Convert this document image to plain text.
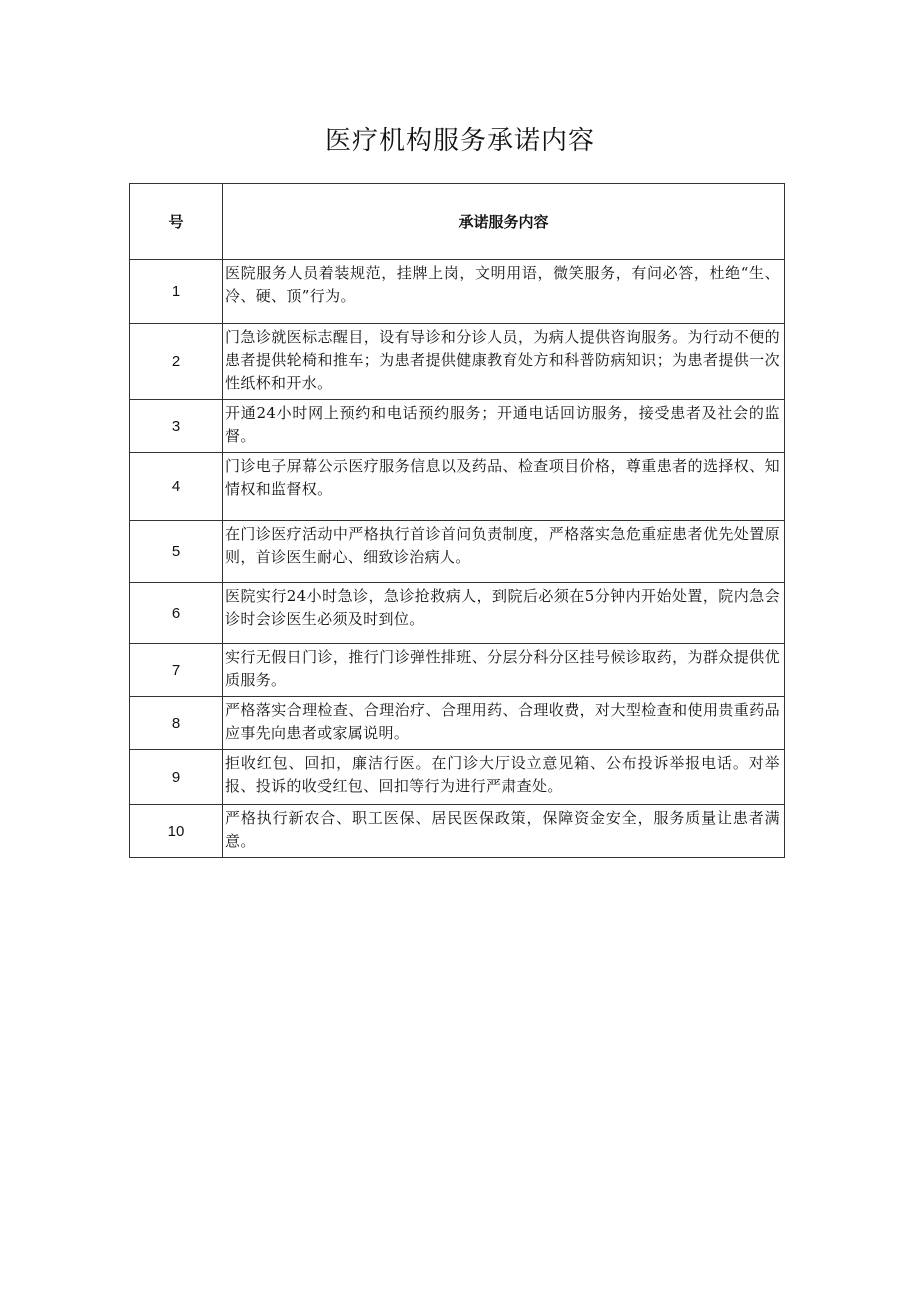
医疗机构服务承诺内容
号	承诺服务内容
1	医院服务人员着装规范，挂牌上岗，文明用语，微笑服务，有问必答，杜绝“生、冷、硬、顶”行为。
2	门急诊就医标志醒目，设有导诊和分诊人员，为病人提供咨询服务。为行动不便的患者提供轮椅和推车；为患者提供健康教育处方和科普防病知识；为患者提供一次性纸杯和开水。
3	开通24小时网上预约和电话预约服务；开通电话回访服务，接受患者及社会的监督。
4	门诊电子屏幕公示医疗服务信息以及药品、检查项目价格，尊重患者的选择权、知情权和监督权。
5	在门诊医疗活动中严格执行首诊首问负责制度，严格落实急危重症患者优先处置原则，首诊医生耐心、细致诊治病人。
6	医院实行24小时急诊，急诊抢救病人，到院后必须在5分钟内开始处置，院内急会诊时会诊医生必须及时到位。
7	实行无假日门诊，推行门诊弹性排班、分层分科分区挂号候诊取药，为群众提供优质服务。
8	严格落实合理检查、合理治疗、合理用药、合理收费，对大型检查和使用贵重药品应事先向患者或家属说明。
9	拒收红包、回扣，廉洁行医。在门诊大厅设立意见箱、公布投诉举报电话。对举报、投诉的收受红包、回扣等行为进行严肃查处。
10	严格执行新农合、职工医保、居民医保政策，保障资金安全，服务质量让患者满意。
